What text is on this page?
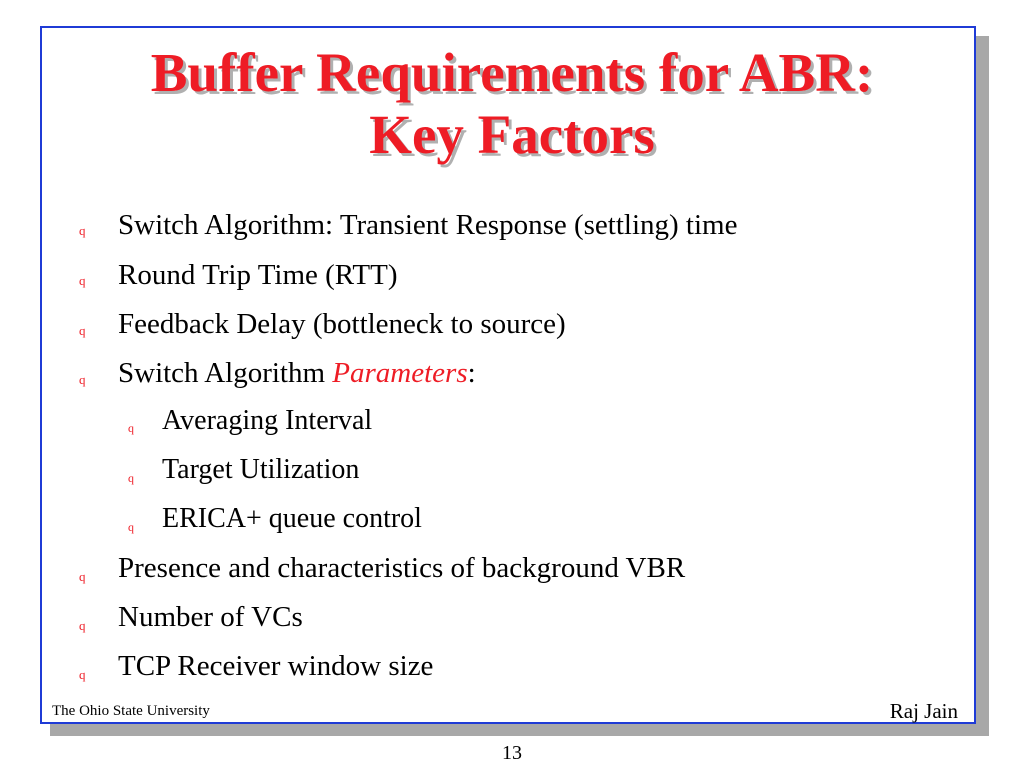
Buffer Requirements for ABR:
Key Factors
q Switch Algorithm: Transient Response (settling) time
q Round Trip Time (RTT)
q Feedback Delay (bottleneck to source)
q Switch Algorithm Parameters:
q Averaging Interval
q Target Utilization
q ERICA+ queue control
q Presence and characteristics of background VBR
q Number of VCs
q TCP Receiver window size
The Ohio State University	Raj Jain
13
